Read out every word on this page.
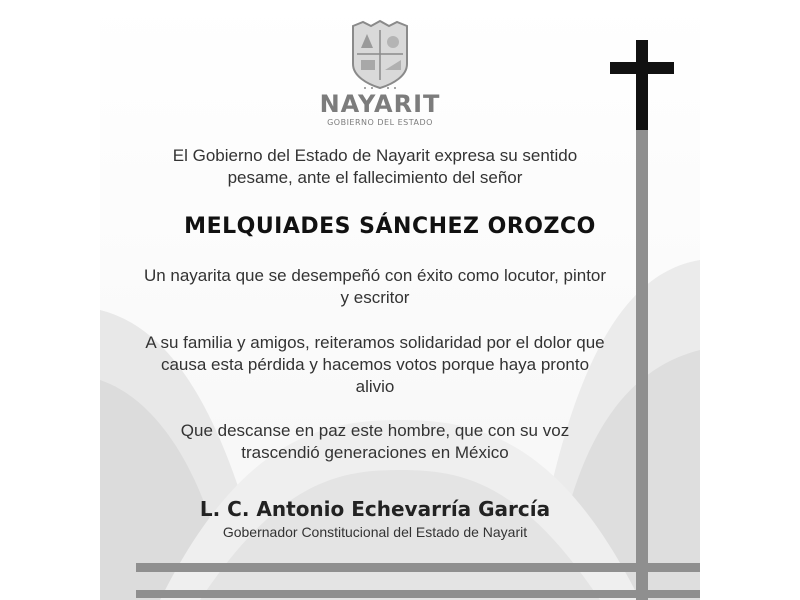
NAYARIT
GOBIERNO DEL ESTADO
El Gobierno del Estado de Nayarit expresa su sentido pesame, ante el fallecimiento del señor
MELQUIADES SÁNCHEZ OROZCO
Un nayarita que se desempeñó con éxito como locutor, pintor y escritor
A su familia y amigos, reiteramos solidaridad por el dolor que causa esta pérdida y hacemos votos porque haya pronto alivio
Que descanse en paz este hombre, que con su voz trascendió generaciones en México
L. C. Antonio Echevarría García
Gobernador Constitucional del Estado de Nayarit
